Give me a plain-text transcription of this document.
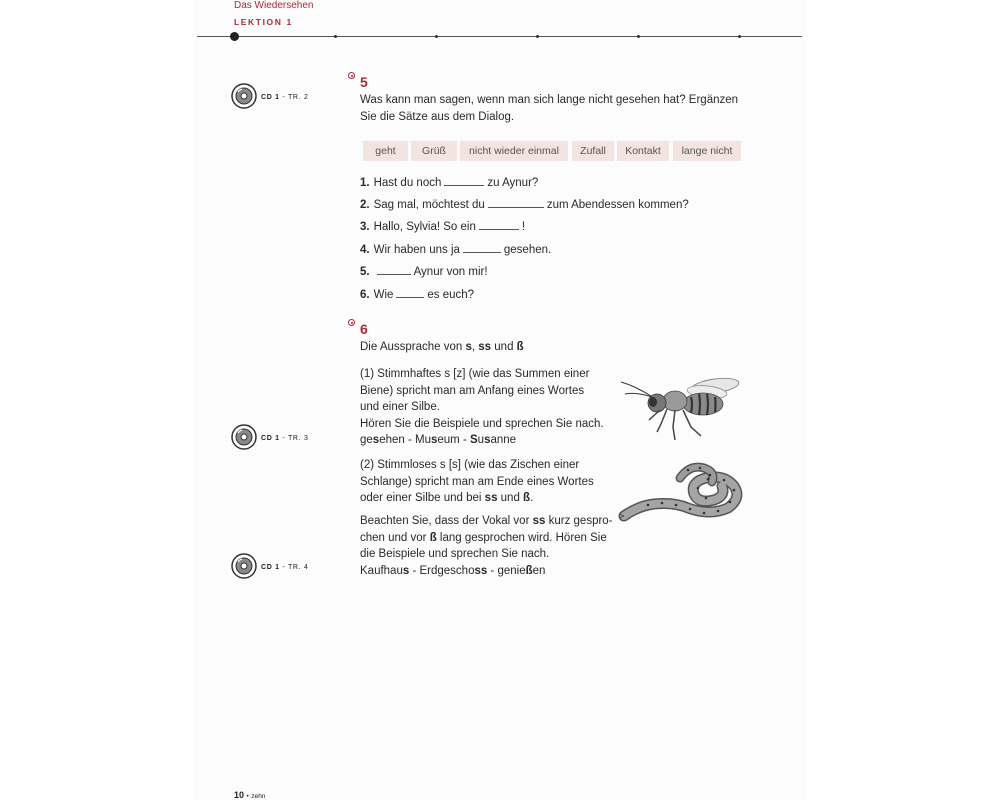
Das Wiedersehen
LEKTION 1
CD 1 - TR. 2
CD 1 - TR. 3
CD 1 - TR. 4
5
Was kann man sagen, wenn man sich lange nicht gesehen hat? Ergänzen
Sie die Sätze aus dem Dialog.
geht	Grüß	nicht wieder einmal	Zufall	Kontakt	lange nicht
1. Hast du noch	zu Aynur?
2. Sag mal, möchtest du	zum Abendessen kommen?
3. Hallo, Sylvia! So ein	!
4. Wir haben uns ja	gesehen.
5.	Aynur von mir!
6. Wie	es euch?
6
Die Aussprache von s, ss und ß
(1) Stimmhaftes s [z] (wie das Summen einer
Biene) spricht man am Anfang eines Wortes
und einer Silbe.
Hören Sie die Beispiele und sprechen Sie nach.
gesehen - Museum - Susanne
(2) Stimmloses s [s] (wie das Zischen einer
Schlange) spricht man am Ende eines Wortes
oder einer Silbe und bei ss und ß.
Beachten Sie, dass der Vokal vor ss kurz gespro-
chen und vor ß lang gesprochen wird. Hören Sie
die Beispiele und sprechen Sie nach.
Kaufhaus - Erdgeschoss - genießen
10 • zehn
